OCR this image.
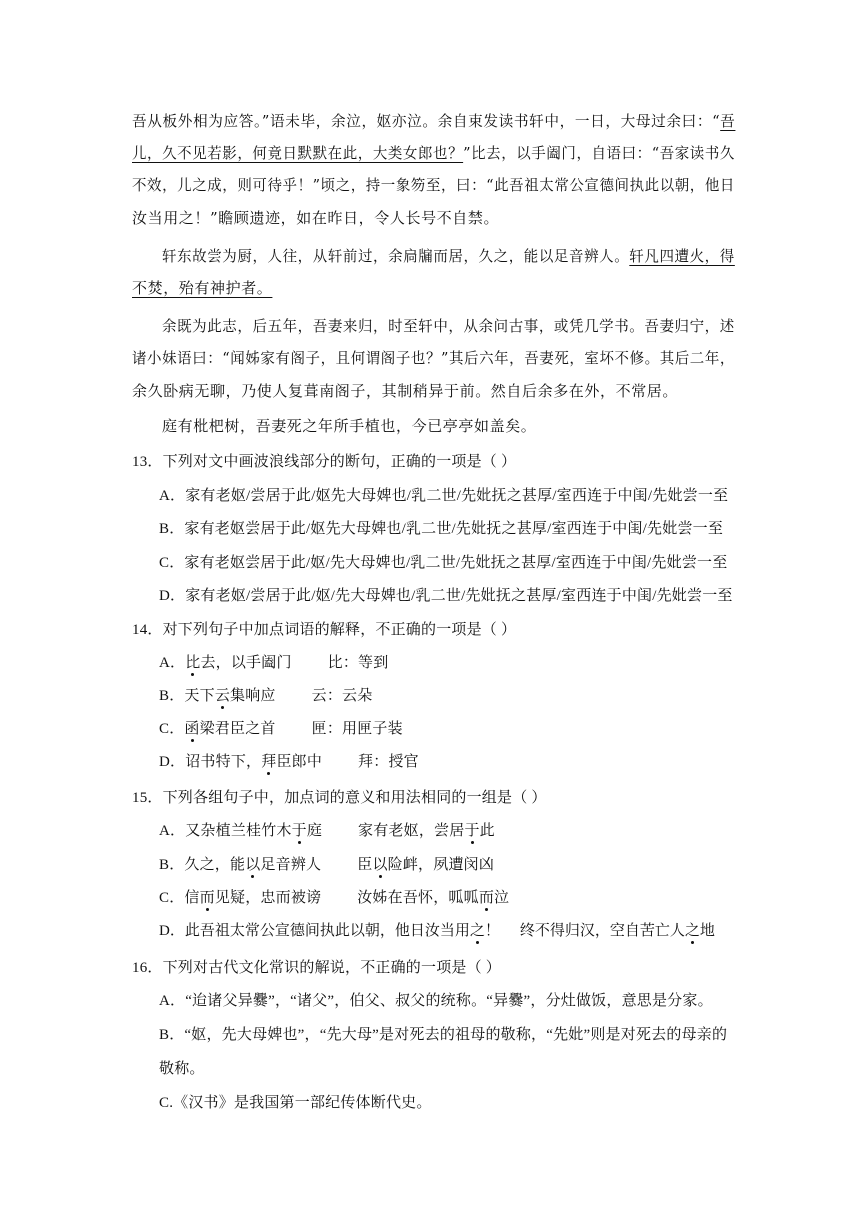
吾从板外相为应答。”语未毕，余泣，妪亦泣。余自束发读书轩中，一日，大母过余曰：“吾
儿，久不见若影，何竟日默默在此，大类女郎也？”比去，以手阖门，自语曰：“吾家读书久
不效，儿之成，则可待乎！”顷之，持一象笏至，曰：“此吾祖太常公宣德间执此以朝，他日
汝当用之！”瞻顾遗迹，如在昨日，令人长号不自禁。
轩东故尝为厨，人往，从轩前过，余扃牖而居，久之，能以足音辨人。轩凡四遭火，得
不焚，殆有神护者。
余既为此志，后五年，吾妻来归，时至轩中，从余问古事，或凭几学书。吾妻归宁，述
诸小妹语曰：“闻姊家有阁子，且何谓阁子也？”其后六年，吾妻死，室坏不修。其后二年，
余久卧病无聊，乃使人复葺南阁子，其制稍异于前。然自后余多在外，不常居。
庭有枇杷树，吾妻死之年所手植也，今已亭亭如盖矣。
13．下列对文中画波浪线部分的断句，正确的一项是（ ）
A．家有老妪/尝居于此/妪先大母婢也/乳二世/先妣抚之甚厚/室西连于中闺/先妣尝一至
B．家有老妪尝居于此/妪先大母婢也/乳二世/先妣抚之甚厚/室西连于中闺/先妣尝一至
C．家有老妪尝居于此/妪/先大母婢也/乳二世/先妣抚之甚厚/室西连于中闺/先妣尝一至
D．家有老妪/尝居于此/妪/先大母婢也/乳二世/先妣抚之甚厚/室西连于中闺/先妣尝一至
14．对下列句子中加点词语的解释，不正确的一项是（ ）
A．比去，以手阖门 比：等到
B．天下云集响应 云：云朵
C．函梁君臣之首 匣：用匣子装
D．诏书特下，拜臣郎中 拜：授官
15．下列各组句子中，加点词的意义和用法相同的一组是（ ）
A．又杂植兰桂竹木于庭 家有老妪，尝居于此
B．久之，能以足音辨人 臣以险衅，夙遭闵凶
C．信而见疑，忠而被谤 汝姊在吾怀，呱呱而泣
D．此吾祖太常公宣德间执此以朝，他日汝当用之！ 终不得归汉，空自苦亡人之地
16．下列对古代文化常识的解说，不正确的一项是（ ）
A．“迨诸父异爨”，“诸父”，伯父、叔父的统称。“异爨”，分灶做饭，意思是分家。
B．“妪，先大母婢也”，“先大母”是对死去的祖母的敬称，“先妣”则是对死去的母亲的
敬称。
C.《汉书》是我国第一部纪传体断代史。
